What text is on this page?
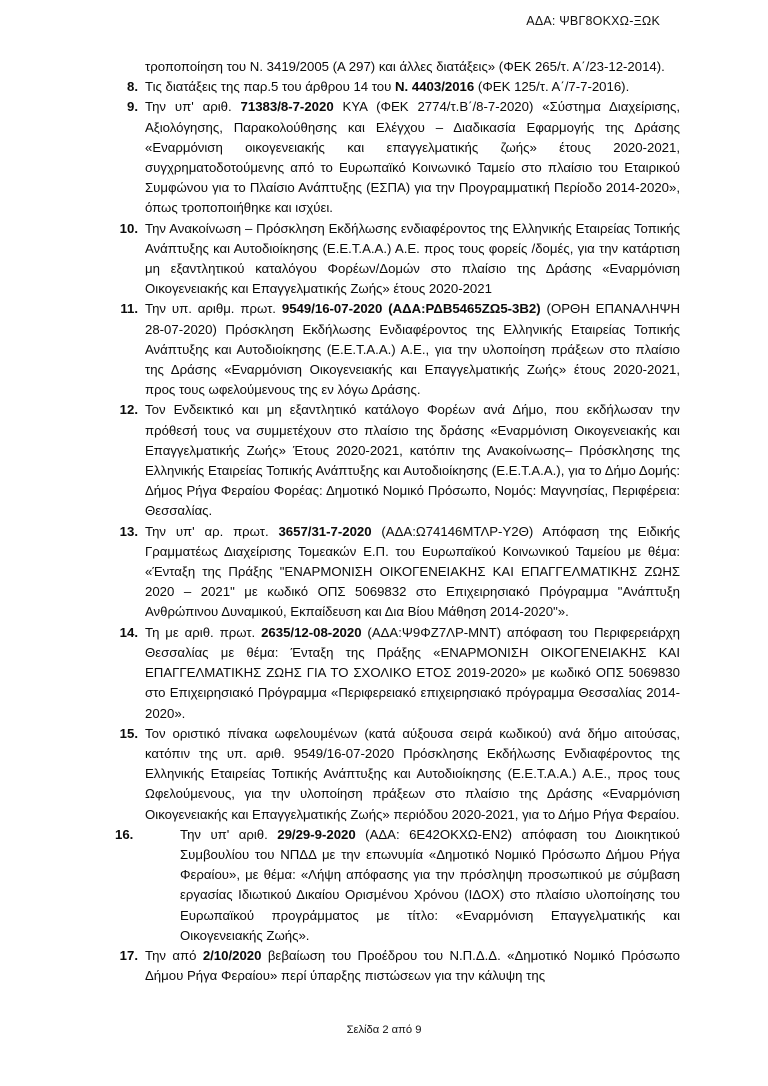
ΑΔΑ: ΨΒΓ8ΟΚΧΩ-ΞΩΚ

τροποποίηση του Ν. 3419/2005 (Α 297) και άλλες διατάξεις» (ΦΕΚ 265/τ. Α΄/23-12-2014).

8. Τις διατάξεις της παρ.5 του άρθρου 14 του Ν. 4403/2016 (ΦΕΚ 125/τ. Α΄/7-7-2016).
9. Την υπ' αριθ. 71383/8-7-2020 ΚΥΑ (ΦΕΚ 2774/τ.Β΄/8-7-2020) «Σύστημα Διαχείρισης, Αξιολόγησης, Παρακολούθησης και Ελέγχου – Διαδικασία Εφαρμογής της Δράσης «Εναρμόνιση οικογενειακής και επαγγελματικής ζωής» έτους 2020-2021, συγχρηματοδοτούμενης από το Ευρωπαϊκό Κοινωνικό Ταμείο στο πλαίσιο του Εταιρικού Συμφώνου για το Πλαίσιο Ανάπτυξης (ΕΣΠΑ) για την Προγραμματική Περίοδο 2014-2020», όπως τροποποιήθηκε και ισχύει.
10. Την Ανακοίνωση – Πρόσκληση Εκδήλωσης ενδιαφέροντος της Ελληνικής Εταιρείας Τοπικής Ανάπτυξης και Αυτοδιοίκησης (Ε.Ε.Τ.Α.Α.) Α.Ε. προς τους φορείς /δομές, για την κατάρτιση μη εξαντλητικού καταλόγου Φορέων/Δομών στο πλαίσιο της Δράσης «Εναρμόνιση Οικογενειακής και Επαγγελματικής Ζωής» έτους 2020-2021
11. Την υπ. αριθμ. πρωτ. 9549/16-07-2020 (ΑΔΑ:ΡΔΒ5465ΖΩ5-3Β2) (ΟΡΘΗ ΕΠΑΝΑΛΗΨΗ 28-07-2020) Πρόσκληση Εκδήλωσης Ενδιαφέροντος της Ελληνικής Εταιρείας Τοπικής Ανάπτυξης και Αυτοδιοίκησης (Ε.Ε.Τ.Α.Α.) Α.Ε., για την υλοποίηση πράξεων στο πλαίσιο της Δράσης «Εναρμόνιση Οικογενειακής και Επαγγελματικής Ζωής» έτους 2020-2021, προς τους ωφελούμενους της εν λόγω Δράσης.
12. Τον Ενδεικτικό και μη εξαντλητικό κατάλογο Φορέων ανά Δήμο, που εκδήλωσαν την πρόθεσή τους να συμμετέχουν στο πλαίσιο της δράσης «Εναρμόνιση Οικογενειακής και Επαγγελματικής Ζωής» Έτους 2020-2021, κατόπιν της Ανακοίνωσης– Πρόσκλησης της Ελληνικής Εταιρείας Τοπικής Ανάπτυξης και Αυτοδιοίκησης (Ε.Ε.Τ.Α.Α.), για το Δήμο Δομής: Δήμος Ρήγα Φεραίου Φορέας: Δημοτικό Νομικό Πρόσωπο, Νομός: Μαγνησίας, Περιφέρεια: Θεσσαλίας.
13. Την υπ' αρ. πρωτ. 3657/31-7-2020 (ΑΔΑ:Ω74146ΜΤΛΡ-Υ2Θ) Απόφαση της Ειδικής Γραμματέως Διαχείρισης Τομεακών Ε.Π. του Ευρωπαϊκού Κοινωνικού Ταμείου με θέμα: «Ένταξη της Πράξης "ΕΝΑΡΜΟΝΙΣΗ ΟΙΚΟΓΕΝΕΙΑΚΗΣ ΚΑΙ ΕΠΑΓΓΕΛΜΑΤΙΚΗΣ ΖΩΗΣ 2020 – 2021" με κωδικό ΟΠΣ 5069832 στο Επιχειρησιακό Πρόγραμμα "Ανάπτυξη Ανθρώπινου Δυναμικού, Εκπαίδευση και Δια Βίου Μάθηση 2014-2020"».
14. Τη με αριθ. πρωτ. 2635/12-08-2020 (ΑΔΑ:Ψ9ΦΖ7ΛΡ-ΜΝΤ) απόφαση του Περιφερειάρχη Θεσσαλίας με θέμα: Ένταξη της Πράξης «ΕΝΑΡΜΟΝΙΣΗ ΟΙΚΟΓΕΝΕΙΑΚΗΣ ΚΑΙ ΕΠΑΓΓΕΛΜΑΤΙΚΗΣ ΖΩΗΣ ΓΙΑ ΤΟ ΣΧΟΛΙΚΟ ΕΤΟΣ 2019-2020» με κωδικό ΟΠΣ 5069830 στο Επιχειρησιακό Πρόγραμμα «Περιφερειακό επιχειρησιακό πρόγραμμα Θεσσαλίας 2014-2020».
15. Τον οριστικό πίνακα ωφελουμένων (κατά αύξουσα σειρά κωδικού) ανά δήμο αιτούσας, κατόπιν της υπ. αριθ. 9549/16-07-2020 Πρόσκλησης Εκδήλωσης Ενδιαφέροντος της Ελληνικής Εταιρείας Τοπικής Ανάπτυξης και Αυτοδιοίκησης (Ε.Ε.Τ.Α.Α.) Α.Ε., προς τους Ωφελούμενους, για την υλοποίηση πράξεων στο πλαίσιο της Δράσης «Εναρμόνιση Οικογενειακής και Επαγγελματικής Ζωής» περιόδου 2020-2021, για το Δήμο Ρήγα Φεραίου.
16.	Την υπ' αριθ. 29/29-9-2020 (ΑΔΑ: 6Ε42ΟΚΧΩ-ΕΝ2) απόφαση του Διοικητικού Συμβουλίου του ΝΠΔΔ με την επωνυμία «Δημοτικό Νομικό Πρόσωπο Δήμου Ρήγα Φεραίου», με θέμα: «Λήψη απόφασης για την πρόσληψη προσωπικού με σύμβαση εργασίας Ιδιωτικού Δικαίου Ορισμένου Χρόνου (ΙΔΟΧ) στο πλαίσιο υλοποίησης του Ευρωπαϊκού προγράμματος με τίτλο: «Εναρμόνιση Επαγγελματικής και Οικογενειακής Ζωής».
17. Την από 2/10/2020 βεβαίωση του Προέδρου του Ν.Π.Δ.Δ. «Δημοτικό Νομικό Πρόσωπο Δήμου Ρήγα Φεραίου» περί ύπαρξης πιστώσεων για την κάλυψη της
Σελίδα 2 από 9
